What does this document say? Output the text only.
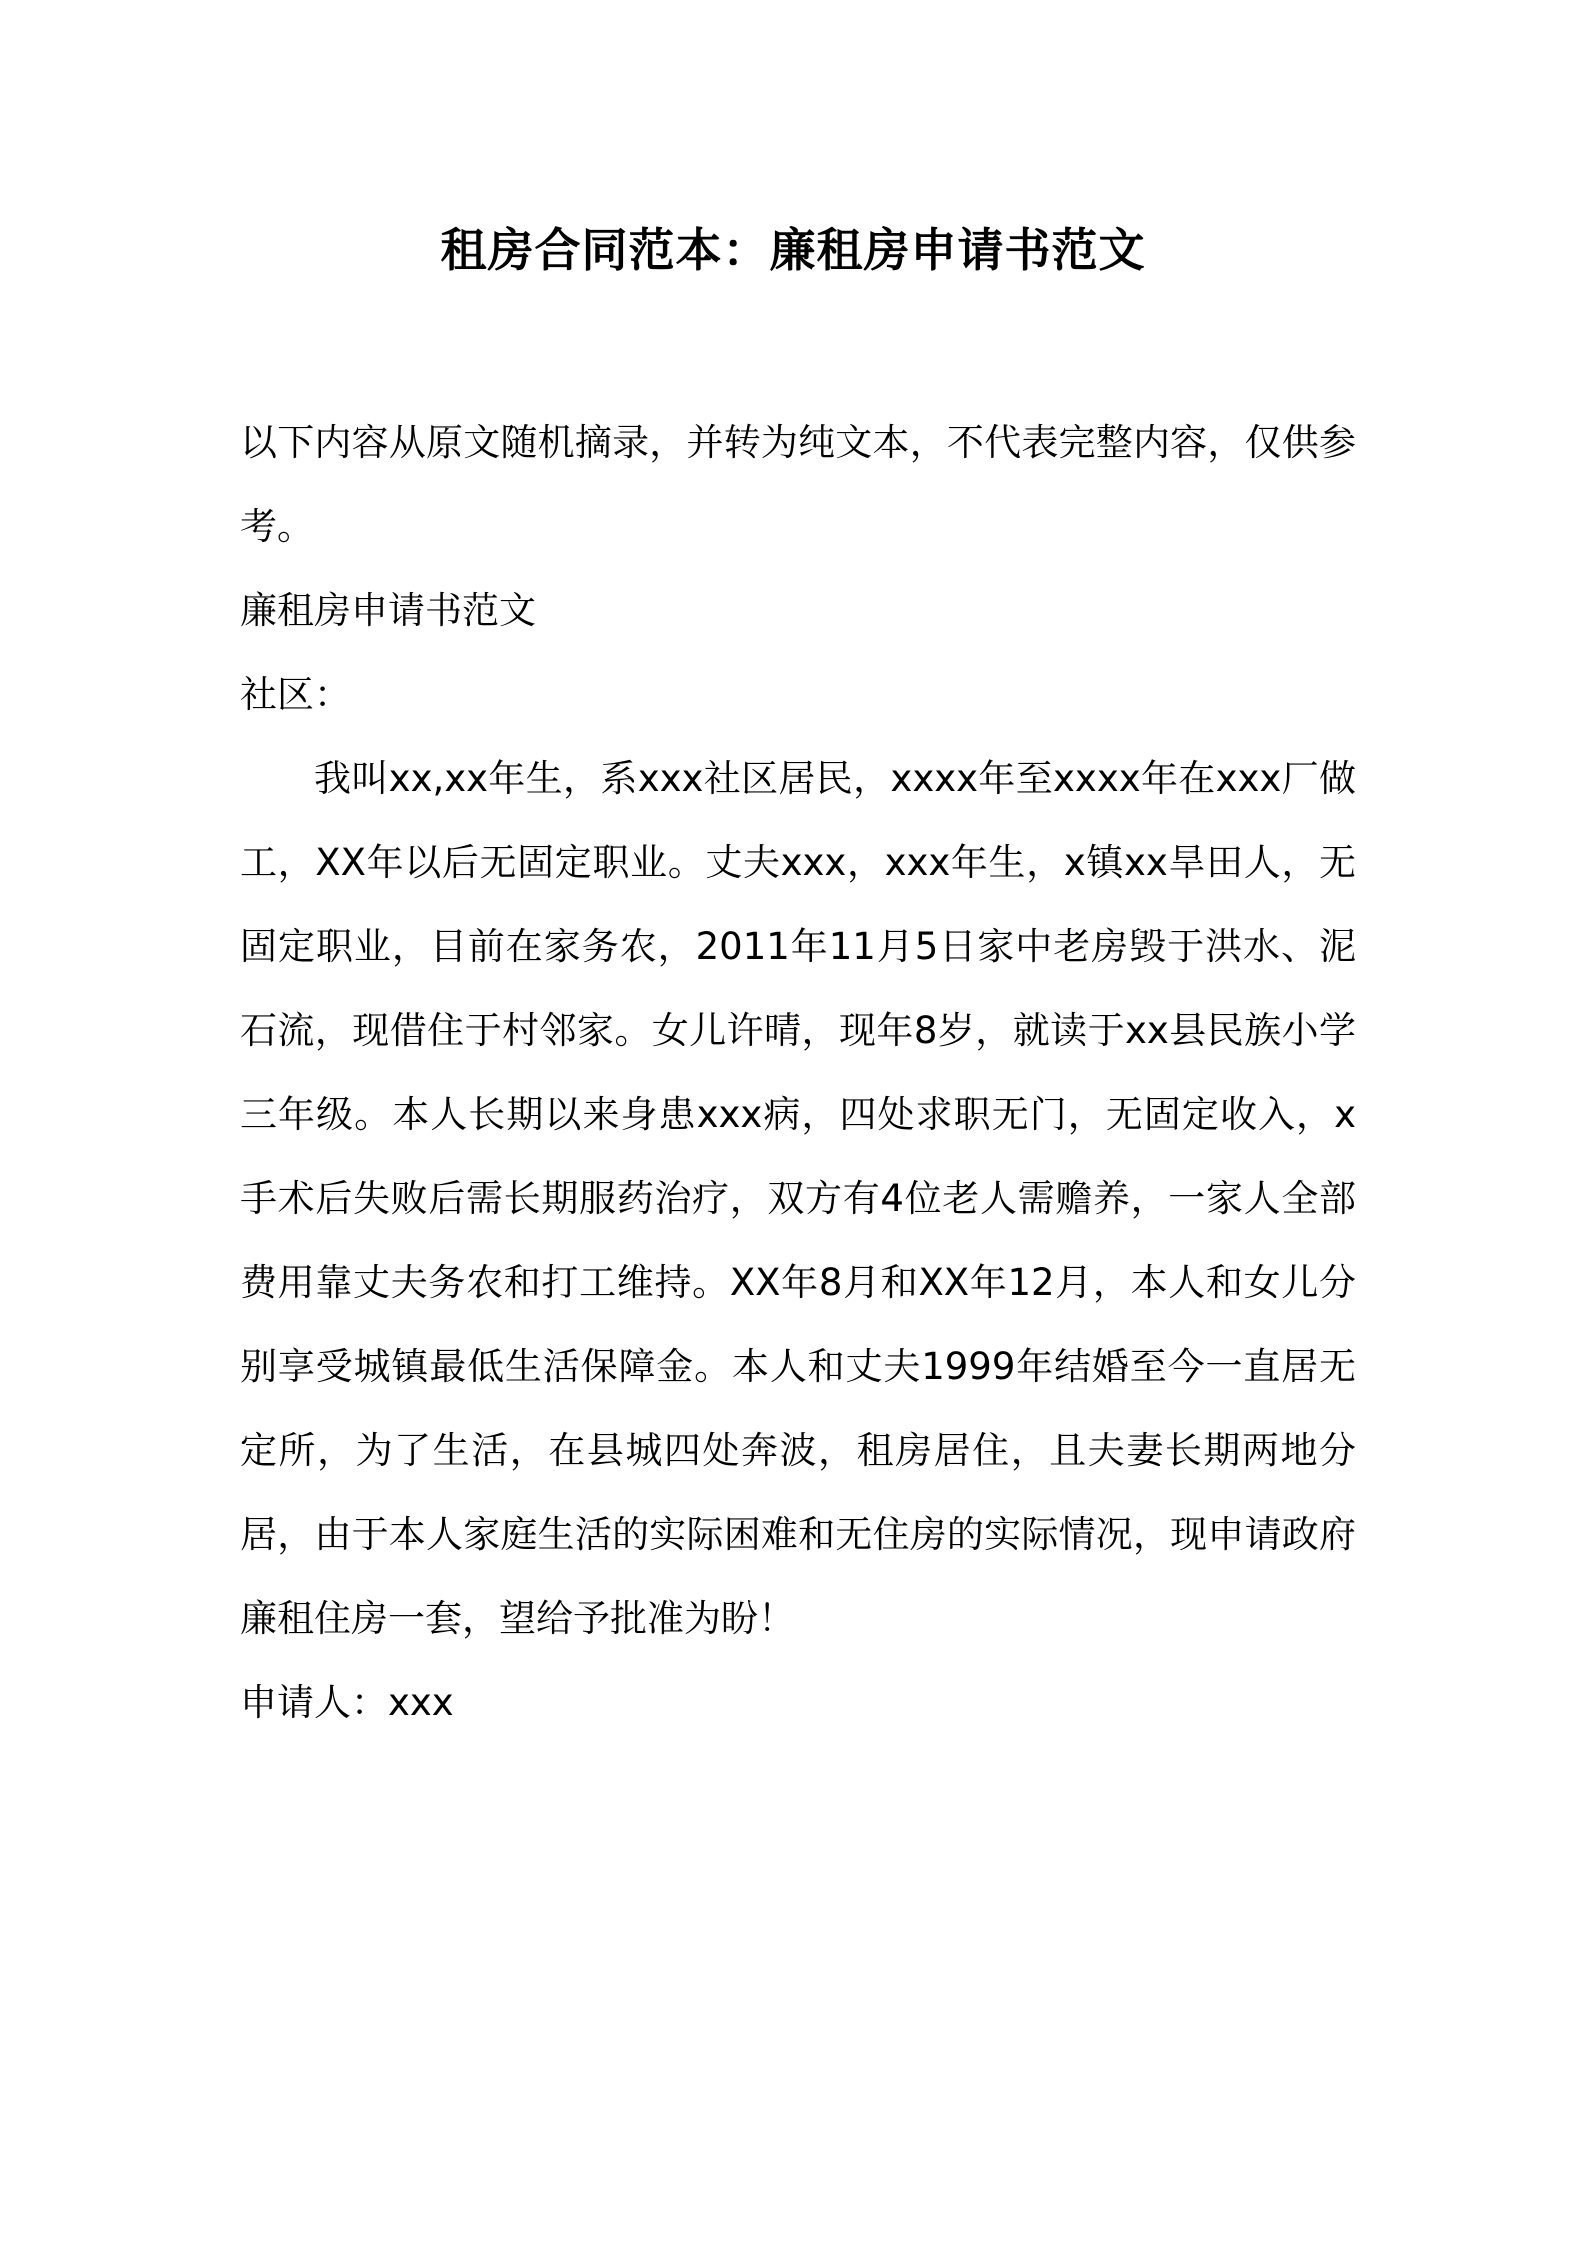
租房合同范本：廉租房申请书范文

以下内容从原文随机摘录，并转为纯文本，不代表完整内容，仅供参考。

廉租房申请书范文

社区：

我叫xx,xx年生，系xxx社区居民，xxxx年至xxxx年在xxx厂做工，XX年以后无固定职业。丈夫xxx，xxx年生，x镇xx旱田人，无固定职业，目前在家务农，2011年11月5日家中老房毁于洪水、泥石流，现借住于村邻家。女儿许晴，现年8岁，就读于xx县民族小学三年级。本人长期以来身患xxx病，四处求职无门，无固定收入，x手术后失败后需长期服药治疗，双方有4位老人需赡养，一家人全部费用靠丈夫务农和打工维持。XX年8月和XX年12月，本人和女儿分别享受城镇最低生活保障金。本人和丈夫1999年结婚至今一直居无定所，为了生活，在县城四处奔波，租房居住，且夫妻长期两地分居，由于本人家庭生活的实际困难和无住房的实际情况，现申请政府廉租住房一套，望给予批准为盼！

申请人：xxx
